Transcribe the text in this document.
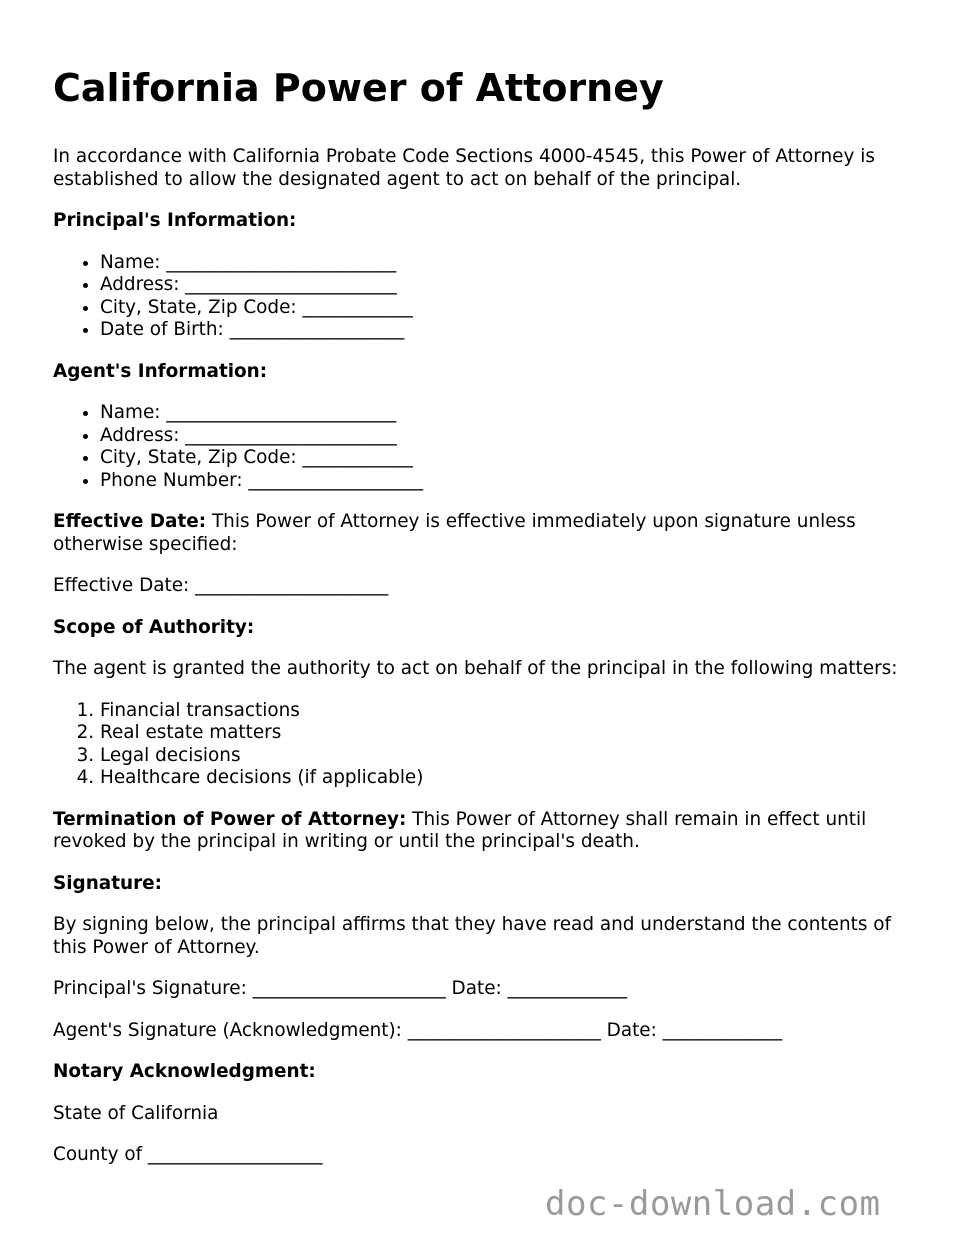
California Power of Attorney

In accordance with California Probate Code Sections 4000-4545, this Power of Attorney is established to allow the designated agent to act on behalf of the principal.

Principal's Information:

• Name: _________________________
• Address: _______________________
• City, State, Zip Code: ____________
• Date of Birth: ___________________

Agent's Information:

• Name: _________________________
• Address: _______________________
• City, State, Zip Code: ____________
• Phone Number: ___________________

Effective Date: This Power of Attorney is effective immediately upon signature unless otherwise specified:

Effective Date: _____________________

Scope of Authority:

The agent is granted the authority to act on behalf of the principal in the following matters:

1. Financial transactions
2. Real estate matters
3. Legal decisions
4. Healthcare decisions (if applicable)

Termination of Power of Attorney: This Power of Attorney shall remain in effect until revoked by the principal in writing or until the principal's death.

Signature:

By signing below, the principal affirms that they have read and understand the contents of this Power of Attorney.

Principal's Signature: _____________________ Date: _____________

Agent's Signature (Acknowledgment): _____________________ Date: _____________

Notary Acknowledgment:

State of California

County of ___________________

doc-download.com
